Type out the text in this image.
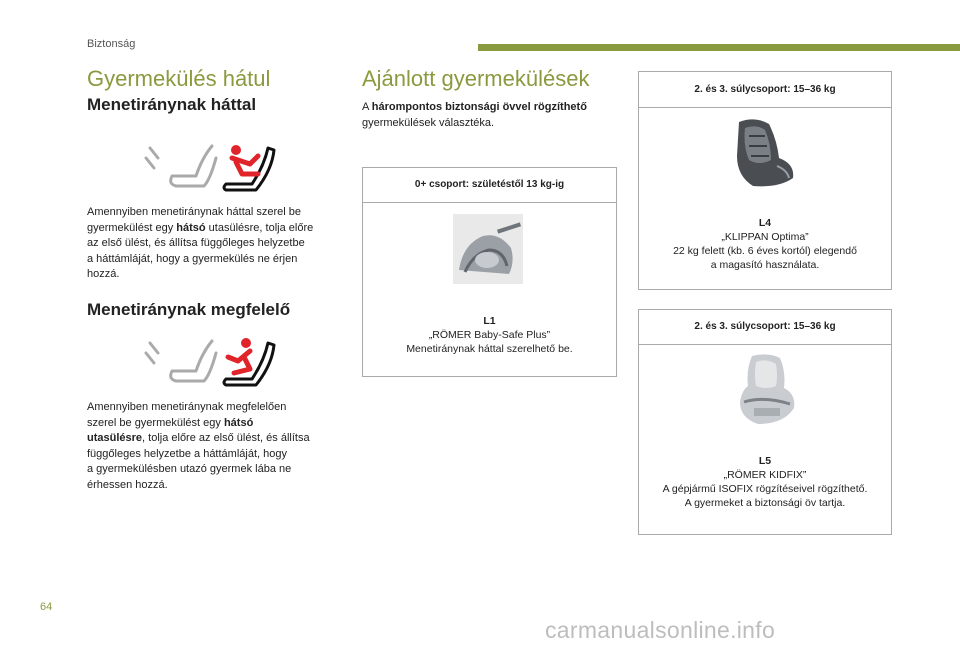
Biztonság
Gyermekülés hátul
Menetiránynak háttal
Amennyiben menetiránynak háttal szerel be
gyermekülést egy hátsó utasülésre, tolja előre
az első ülést, és állítsa függőleges helyzetbe
a háttámláját, hogy a gyermekülés ne érjen
hozzá.
Menetiránynak megfelelő
Amennyiben menetiránynak megfelelően
szerel be gyermekülést egy hátsó
utasülésre, tolja előre az első ülést, és állítsa
függőleges helyzetbe a háttámláját, hogy
a gyermekülésben utazó gyermek lába ne
érhessen hozzá.
Ajánlott gyermekülések
A hárompontos biztonsági övvel rögzíthető
gyermekülések választéka.
0+ csoport: születéstől 13 kg-ig
L1
„RÖMER Baby-Safe Plus”
Menetiránynak háttal szerelhető be.
2. és 3. súlycsoport: 15–36 kg
L4
„KLIPPAN Optima”
22 kg felett (kb. 6 éves kortól) elegendő
a magasító használata.
2. és 3. súlycsoport: 15–36 kg
L5
„RÖMER KIDFIX”
A gépjármű ISOFIX rögzítéseivel rögzíthető.
A gyermeket a biztonsági öv tartja.
64
carmanualsonline.info
